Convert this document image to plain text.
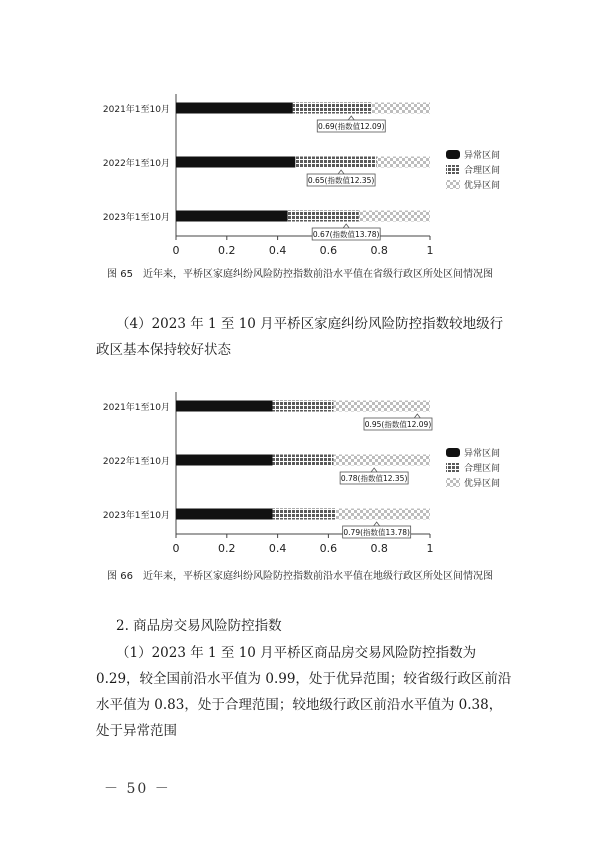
0	0.2	0.4	0.6	0.8	1
2021年1至10月
0.69(指数值12.09)
2022年1至10月
0.65(指数值12.35)
2023年1至10月
0.67(指数值13.78)
异常区间
合理区间
优异区间
图 65　近年来，平桥区家庭纠纷风险防控指数前沿水平值在省级行政区所处区间情况图
（4）2023 年 1 至 10 月平桥区家庭纠纷风险防控指数较地级行政区基本保持较好状态
0	0.2	0.4	0.6	0.8	1
2021年1至10月
0.95(指数值12.09)
2022年1至10月
0.78(指数值12.35)
2023年1至10月
0.79(指数值13.78)
异常区间
合理区间
优异区间
图 66　近年来，平桥区家庭纠纷风险防控指数前沿水平值在地级行政区所处区间情况图
2. 商品房交易风险防控指数
（1）2023 年 1 至 10 月平桥区商品房交易风险防控指数为 0.29，较全国前沿水平值为 0.99，处于优异范围；较省级行政区前沿水平值为 0.83，处于合理范围；较地级行政区前沿水平值为 0.38，处于异常范围
－ 50 －
